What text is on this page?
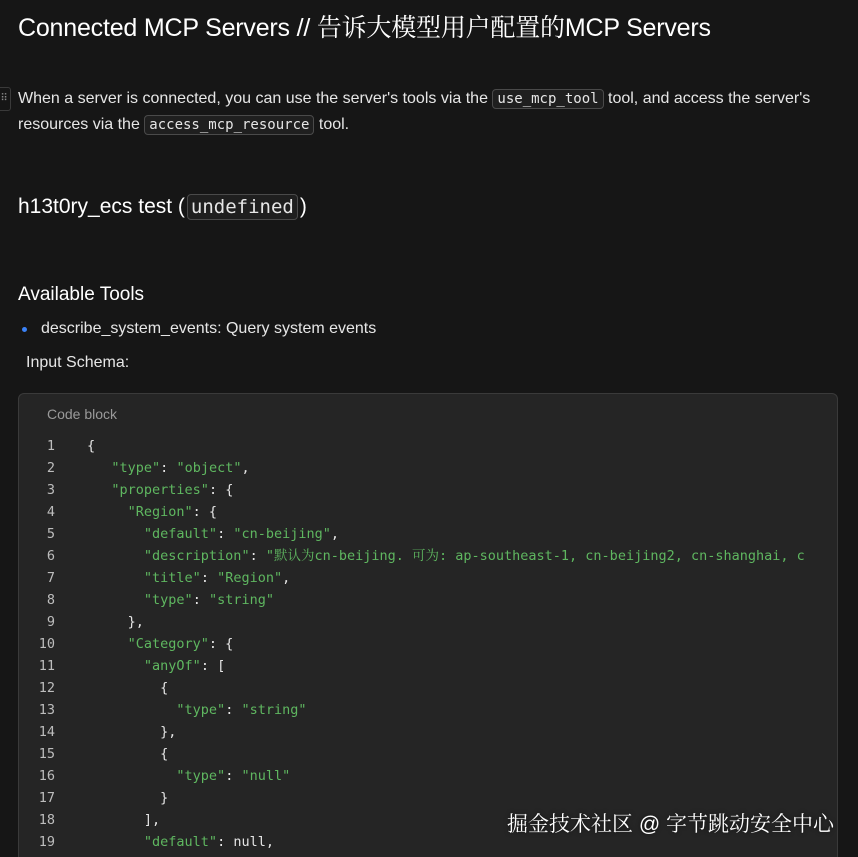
Connected MCP Servers // 告诉大模型用户配置的MCP Servers
⠿ When a server is connected, you can use the server's tools via the use_mcp_tool tool, and access the server's resources via the access_mcp_resource tool.
h13t0ry_ecs test ( undefined )
Available Tools
describe_system_events: Query system events
Input Schema:
Code block
1 {
2	"type": "object",
3	"properties": {
4	"Region": {
5	"default": "cn-beijing",
6	"description": "默认为cn-beijing. 可为: ap-southeast-1, cn-beijing2, cn-shanghai, c
7	"title": "Region",
8	"type": "string"
9	},
10	"Category": {
11	"anyOf": [
12	{
13	"type": "string"
14	},
15	{
16	"type": "null"
17	}
18	],
19	"default": null,
掘金技术社区 @ 字节跳动安全中心
